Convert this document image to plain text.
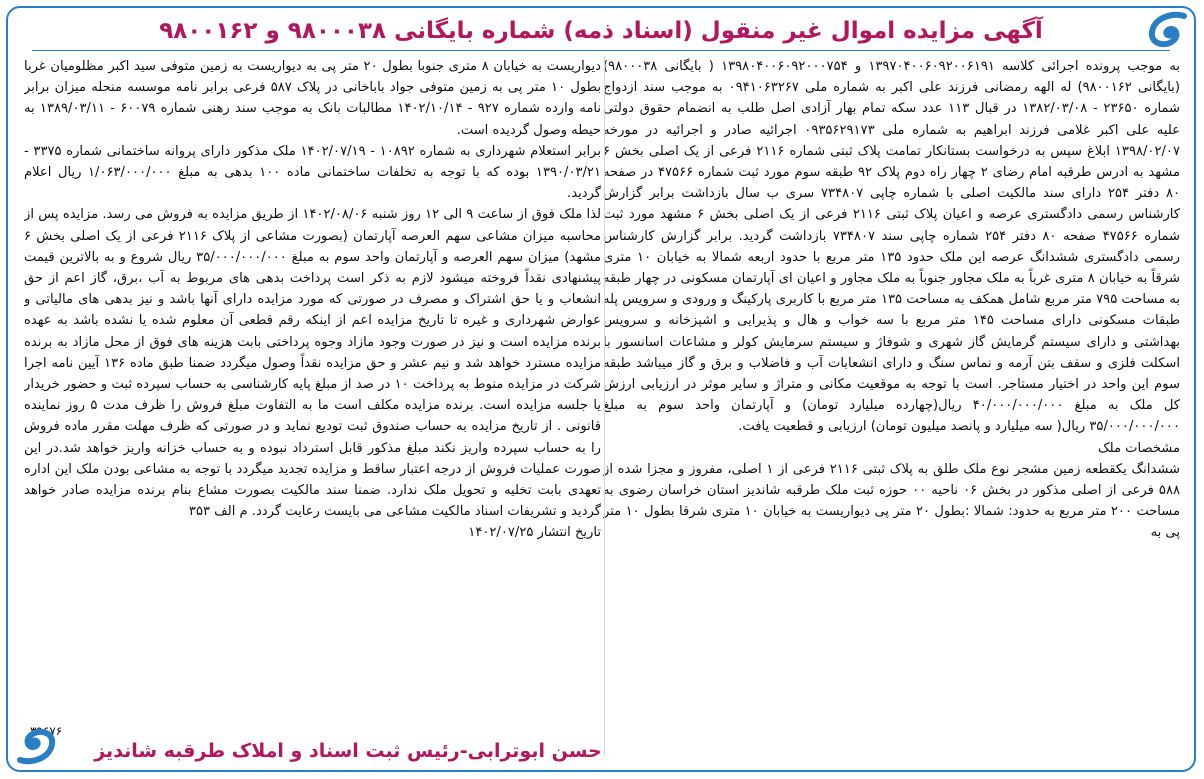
آگهی مزایده اموال غیر منقول (اسناد ذمه) شماره بایگانی ۹۸۰۰۰۳۸ و ۹۸۰۰۱۶۲

به موجب پرونده اجرائی کلاسه ۱۳۹۷۰۴۰۰۶۰۹۲۰۰۶۱۹۱ و ۱۳۹۸۰۴۰۰۶۰۹۲۰۰۰۷۵۴ ( بایگانی ۹۸۰۰۰۳۸) (بایگانی ۹۸۰۰۱۶۲) له الهه رمضانی فرزند علی اکبر به شماره ملی ۰۹۴۱۰۶۳۲۶۷ به موجب سند ازدواج شماره ۲۳۶۵۰ - ۱۳۸۲/۰۳/۰۸ در قبال ۱۱۳ عدد سکه تمام بهار آزادی اصل طلب به انضمام حقوق دولتی علیه علی اکبر غلامی فرزند ابراهیم به شماره ملی ۰۹۳۵۶۲۹۱۷۳ اجرائیه صادر و اجرائیه در مورخه ۱۳۹۸/۰۲/۰۷ ابلاغ سپس به درخواست بستانکار تمامت پلاک ثبتی شماره ۲۱۱۶ فرعی از یک اصلی بخش ۶ مشهد به ادرس طرقبه امام رضای ۲ چهار راه دوم پلاک ۹۲ طبقه سوم مورد ثبت شماره ۴۷۵۶۶ در صفحه ۸۰ دفتر ۲۵۴ دارای سند مالکیت اصلی با شماره چاپی ۷۳۴۸۰۷ سری ب سال بازداشت برابر گزارش کارشناس رسمی دادگستری عرصه و اعیان پلاک ثبتی ۲۱۱۶ فرعی از یک اصلی بخش ۶ مشهد مورد ثبت شماره ۴۷۵۶۶ صفحه ۸۰ دفتر ۲۵۴ شماره چاپی سند ۷۳۴۸۰۷ بازداشت گردید. برابر گزارش کارشناس رسمی دادگستری ششدانگ عرصه این ملک حدود ۱۳۵ متر مربع با حدود اربعه شمالا به خیابان ۱۰ متری شرقاً به خیابان ۸ متری غرباً به ملک مجاور جنوباً به ملک مجاور و اعیان ای آپارتمان مسکونی در چهار طبقه به مساحت ۷۹۵ متر مربع شامل همکف به مساحت ۱۳۵ متر مربع با کاربری پارکینگ و ورودی و سرویس پله طبقات مسکونی دارای مساحت ۱۴۵ متر مربع با سه خواب و هال و پذیرایی و اشپزخانه و سرویس بهداشتی و دارای سیستم گرمایش گاز شهری و شوفاژ و سیستم سرمایش کولر و مشاعات اسانسور با اسکلت فلزی و سقف بتن آرمه و نماس سنگ و دارای انشعابات آب و فاضلاب و برق و گاز میباشد طبقه سوم این واحد در اختیار مستاجر. است با توجه به موقعیت مکانی و متراژ و سایر موثر در ارزیابی ارزش کل ملک به مبلغ ۴۰/۰۰۰/۰۰۰/۰۰۰ ریال(چهارده میلیارد تومان) و آپارتمان واحد سوم به مبلغ ۳۵/۰۰۰/۰۰۰/۰۰۰ ریال( سه میلیارد و پانصد میلیون تومان) ارزیابی و قطعیت یافت.

مشخصات ملک

ششدانگ یکقطعه زمین مشجر نوع ملک طلق به پلاک ثبتی ۲۱۱۶ فرعی از ۱ اصلی، مفروز و مجزا شده از ۵۸۸ فرعی از اصلی مذکور در بخش ۰۶ ناحیه ۰۰ حوزه ثبت ملک طرقبه شاندیز استان خراسان رضوی به مساحت ۲۰۰ متر مربع به حدود: شمالا :بطول ۲۰ متر پی دیواریست به خیابان ۱۰ متری شرقا بطول ۱۰ متر پی به

دیواریست به خیابان ۸ متری جنوبا بطول ۲۰ متر پی به دیواریست به زمین متوفی سید اکبر مظلومیان غربا بطول ۱۰ متر پی به زمین متوفی جواد باباخانی در پلاک ۵۸۷ فرعی برابر نامه موسسه منحله میزان برابر نامه وارده شماره ۹۲۷ - ۱۴۰۲/۱۰/۱۴ مطالبات بانک به موجب سند رهنی شماره ۶۰۰۷۹ - ۱۳۸۹/۰۳/۱۱ به حیطه وصول گردیده است.

برابر استعلام شهرداری به شماره ۱۰۸۹۲ - ۱۴۰۲/۰۷/۱۹ ملک مذکور دارای پروانه ساختمانی شماره ۳۳۷۵ - ۱۳۹۰/۰۳/۲۱ بوده که با توجه به تخلفات ساختمانی ماده ۱۰۰ بدهی به مبلغ ۱/۰۶۳/۰۰۰/۰۰۰ ریال اعلام گردید.

لذا ملک فوق از ساعت ۹ الی ۱۲ روز شنبه ۱۴۰۲/۰۸/۰۶ از طریق مزایده به فروش می رسد. مزایده پس از محاسبه میزان مشاعی سهم العرصه آپارتمان (بصورت مشاعی از پلاک ۲۱۱۶ فرعی از یک اصلی بخش ۶ مشهد) میزان سهم العرصه و آپارتمان واحد سوم به مبلغ ۳۵/۰۰۰/۰۰۰/۰۰۰ ریال شروع و به بالاترین قیمت پیشنهادی نقداً فروخته میشود لازم به ذکر است پرداخت بدهی های مربوط به آب ،برق، گاز اعم از حق انشعاب و یا حق اشتراک و مصرف در صورتی که مورد مزایده دارای آنها باشد و نیز بدهی های مالیاتی و عوارض شهرداری و غیره تا تاریخ مزایده اعم از اینکه رقم قطعی آن معلوم شده یا نشده باشد به عهده برنده مزایده است و نیز در صورت وجود مازاد وجوه پرداختی بابت هزینه های فوق از محل مازاد به برنده مزایده مسترد خواهد شد و نیم عشر و حق مزایده نقداً وصول میگردد ضمنا طبق ماده ۱۳۶ آیین نامه اجرا شرکت در مزایده منوط به پرداخت ۱۰ در صد از مبلغ پایه کارشناسی به حساب سپرده ثبت و حضور خریدار یا جلسه مزایده است. برنده مزایده مکلف است ما به التفاوت مبلغ فروش را ظرف مدت ۵ روز نماینده قانونی . از تاریخ مزایده به حساب صندوق ثبت توديع نماید و در صورتی که ظرف مهلت مقرر ماده فروش را به حساب سپرده واریز نکند مبلغ مذکور قابل استرداد نبوده و به حساب خزانه واریز خواهد شد.در این صورت عملیات فروش از درجه اعتبار ساقط و مزایده تجدید میگردد با توجه به مشاعی بودن ملک این اداره تعهدی بابت تخلیه و تحویل ملک ندارد. ضمنا سند مالکیت بصورت مشاع بنام برنده مزایده صادر خواهد گردید و تشریفات اسناد مالکیت مشاعی می بایست رعایت گردد. م الف ۳۵۳

تاریخ انتشار ۱۴۰۲/۰۷/۲۵

۳۹۶۷۶
حسن ابوترابی-رئیس ثبت اسناد و املاک طرقبه شاندیز
